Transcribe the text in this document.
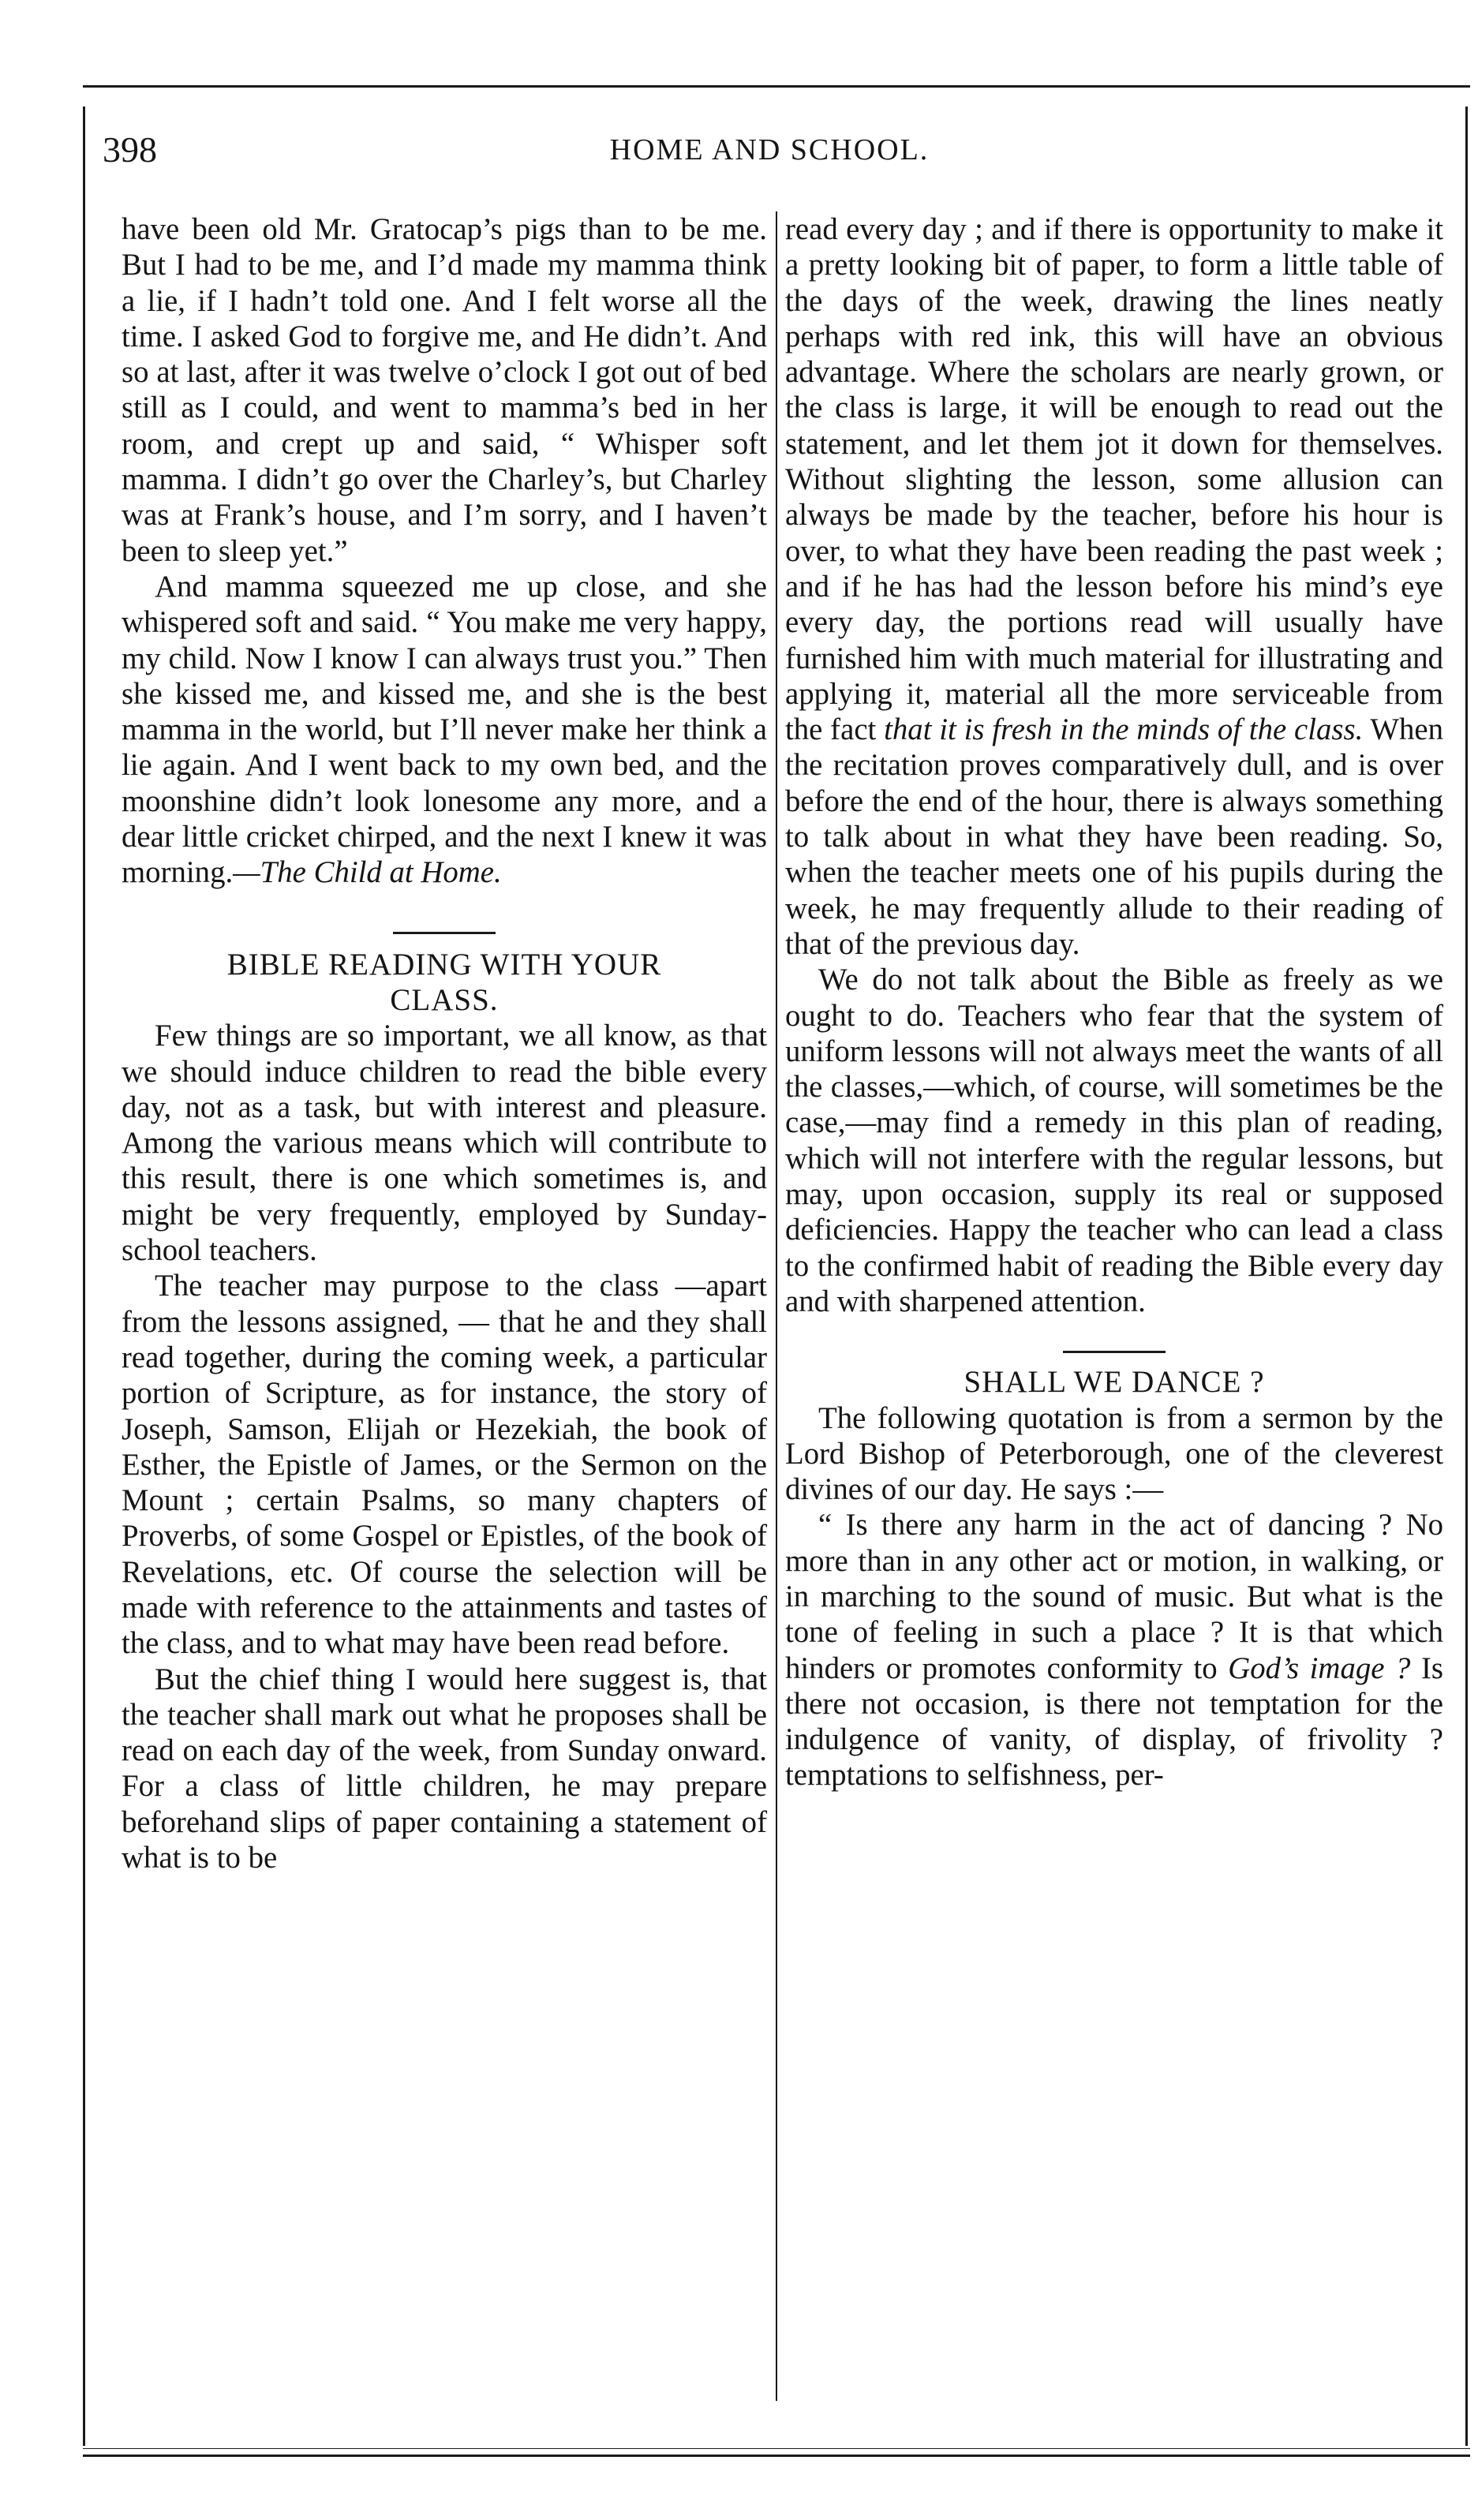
398	HOME AND SCHOOL.

have been old Mr. Gratocap’s pigs than to be me. But I had to be me, and I’d made my mamma think a lie, if I hadn’t told one. And I felt worse all the time. I asked God to forgive me, and He didn’t. And so at last, after it was twelve o’clock I got out of bed still as I could, and went to mamma’s bed in her room, and crept up and said, “ Whisper soft mamma. I didn’t go over the Charley’s, but Charley was at Frank’s house, and I’m sorry, and I haven’t been to sleep yet.”

And mamma squeezed me up close, and she whispered soft and said. “ You make me very happy, my child. Now I know I can always trust you.” Then she kissed me, and kissed me, and she is the best mamma in the world, but I’ll never make her think a lie again. And I went back to my own bed, and the moonshine didn’t look lonesome any more, and a dear little cricket chirped, and the next I knew it was morning.—The Child at Home.

BIBLE READING WITH YOUR
CLASS.

Few things are so important, we all know, as that we should induce children to read the bible every day, not as a task, but with interest and pleasure. Among the various means which will contribute to this result, there is one which sometimes is, and might be very frequently, employed by Sunday-school teachers.

The teacher may purpose to the class —apart from the lessons assigned, — that he and they shall read together, during the coming week, a particular portion of Scripture, as for instance, the story of Joseph, Samson, Elijah or Hezekiah, the book of Esther, the Epistle of James, or the Sermon on the Mount ; certain Psalms, so many chapters of Proverbs, of some Gospel or Epistles, of the book of Revelations, etc. Of course the selection will be made with reference to the attainments and tastes of the class, and to what may have been read before.

But the chief thing I would here suggest is, that the teacher shall mark out what he proposes shall be read on each day of the week, from Sunday onward. For a class of little children, he may prepare beforehand slips of paper containing a statement of what is to be

read every day ; and if there is opportunity to make it a pretty looking bit of paper, to form a little table of the days of the week, drawing the lines neatly perhaps with red ink, this will have an obvious advantage. Where the scholars are nearly grown, or the class is large, it will be enough to read out the statement, and let them jot it down for themselves. Without slighting the lesson, some allusion can always be made by the teacher, before his hour is over, to what they have been reading the past week ; and if he has had the lesson before his mind’s eye every day, the portions read will usually have furnished him with much material for illustrating and applying it, material all the more serviceable from the fact that it is fresh in the minds of the class. When the recitation proves comparatively dull, and is over before the end of the hour, there is always something to talk about in what they have been reading. So, when the teacher meets one of his pupils during the week, he may frequently allude to their reading of that of the previous day.

We do not talk about the Bible as freely as we ought to do. Teachers who fear that the system of uniform lessons will not always meet the wants of all the classes,—which, of course, will sometimes be the case,—may find a remedy in this plan of reading, which will not interfere with the regular lessons, but may, upon occasion, supply its real or supposed deficiencies. Happy the teacher who can lead a class to the confirmed habit of reading the Bible every day and with sharpened attention.

SHALL WE DANCE ?

The following quotation is from a sermon by the Lord Bishop of Peterborough, one of the cleverest divines of our day. He says :—

“ Is there any harm in the act of dancing ? No more than in any other act or motion, in walking, or in marching to the sound of music. But what is the tone of feeling in such a place ? It is that which hinders or promotes conformity to God’s image ? Is there not occasion, is there not temptation for the indulgence of vanity, of display, of frivolity ? temptations to selfishness, per-
